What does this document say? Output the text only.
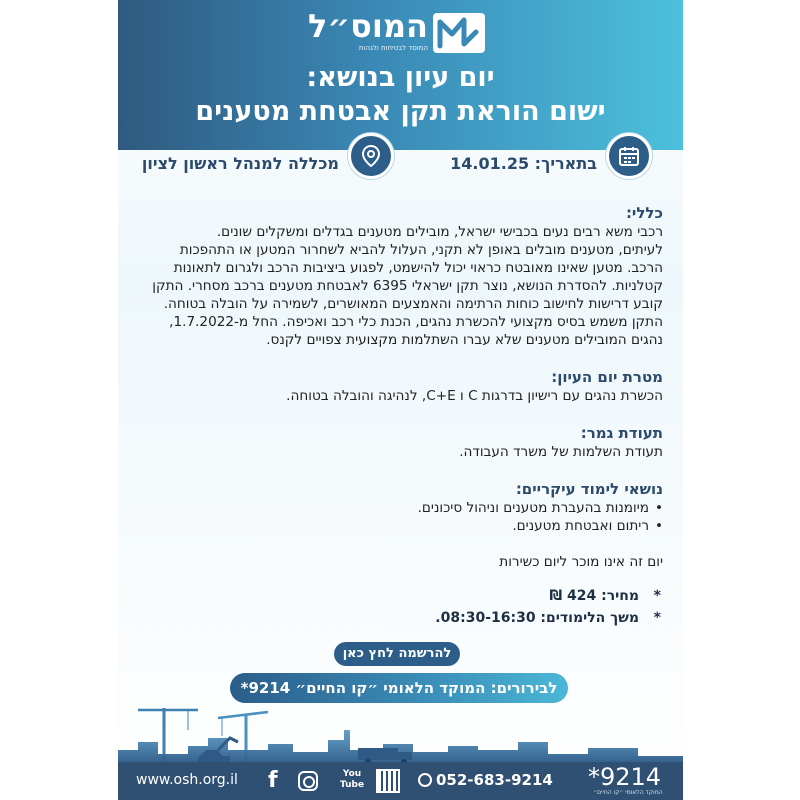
המוס״ל
המוסד לבטיחות ולגהות
יום עיון בנושא:
ישום הוראת תקן אבטחת מטענים
בתאריך: 14.01.25
מכללה למנהל ראשון לציון
כללי:
רכבי משא רבים נעים בכבישי ישראל, מובילים מטענים בגדלים ומשקלים שונים.
לעיתים, מטענים מובלים באופן לא תקני, העלול להביא לשחרור המטען או התהפכות
הרכב. מטען שאינו מאובטח כראוי יכול להישמט, לפגוע ביציבות הרכב ולגרום לתאונות
קטלניות. להסדרת הנושא, נוצר תקן ישראלי 6395 לאבטחת מטענים ברכב מסחרי. התקן
קובע דרישות לחישוב כוחות הרתימה והאמצעים המאושרים, לשמירה על הובלה בטוחה.
התקן משמש בסיס מקצועי להכשרת נהגים, הכנת כלי רכב ואכיפה. החל מ-1.7.2022,
נהגים המובילים מטענים שלא עברו השתלמות מקצועית צפויים לקנס.
מטרת יום העיון:
הכשרת נהגים עם רישיון בדרגות C ו C+E, לנהיגה והובלה בטוחה.
תעודת גמר:
תעודת השלמות של משרד העבודה.
נושאי לימוד עיקריים:
• מיומנות בהעברת מטענים וניהול סיכונים.
• ריתום ואבטחת מטענים.
יום זה אינו מוכר ליום כשירות
*
מחיר: 424 ₪
*
משך הלימודים: 08:30-16:30.
להרשמה לחץ כאן
לבירורים: המוקד הלאומי ״קו החיים״ 9214*
www.osh.org.il f	You
Tube	052-683-9214 *9214
המוקד הלאומי ״קו החיים״
